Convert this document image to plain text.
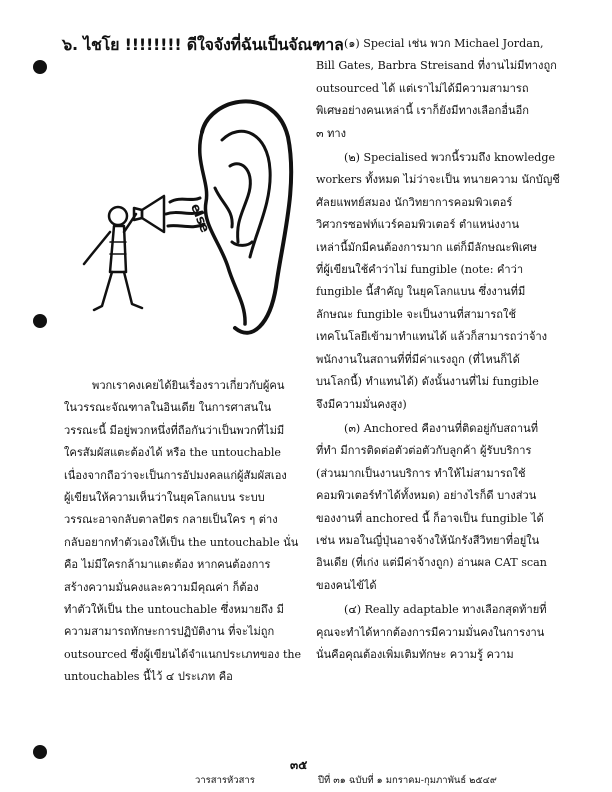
๖. ไชโย !!!!!!!! ดีใจจังที่ฉันเป็นจัณฑาล
else

พวกเราคงเคยได้ยินเรื่องราวเกี่ยวกับผู้คน
ในวรรณะจัณฑาลในอินเดีย ในการศาสนใน
วรรณะนี้ มีอยู่พวกหนึ่งที่ถือกันว่าเป็นพวกที่ไม่มี
ใครสัมผัสแตะต้องได้ หรือ the untouchable
เนื่องจากถือว่าจะเป็นการอัปมงคลแก่ผู้สัมผัสเอง
ผู้เขียนให้ความเห็นว่าในยุคโลกแบน ระบบ
วรรณะอาจกลับตาลปัตร กลายเป็นใคร ๆ ต่าง
กลับอยากทำตัวเองให้เป็น the untouchable นั่น
คือ ไม่มีใครกล้ามาแตะต้อง หากคนต้องการ
สร้างความมั่นคงและความมีคุณค่า ก็ต้อง
ทำตัวให้เป็น the untouchable ซึ่งหมายถึง มี
ความสามารถทักษะการปฏิบัติงาน ที่จะไม่ถูก
outsourced ซึ่งผู้เขียนได้จำแนกประเภทของ the
untouchables นี้ไว้ ๔ ประเภท คือ

(๑) Special เช่น พวก Michael Jordan,
Bill Gates, Barbra Streisand ที่งานไม่มีทางถูก
outsourced ได้ แต่เราไม่ได้มีความสามารถ
พิเศษอย่างคนเหล่านี้ เราก็ยังมีทางเลือกอื่นอีก
๓ ทาง

(๒) Specialised พวกนี้รวมถึง knowledge
workers ทั้งหมด ไม่ว่าจะเป็น ทนายความ นักบัญชี
ศัลยแพทย์สมอง นักวิทยาการคอมพิวเตอร์
วิศวกรซอฟท์แวร์คอมพิวเตอร์ ตำแหน่งงาน
เหล่านี้มักมีคนต้องการมาก แต่ก็มีลักษณะพิเศษ
ที่ผู้เขียนใช้คำว่าไม่ fungible (note: คำว่า
fungible นี้สำคัญ ในยุคโลกแบน ซึ่งงานที่มี
ลักษณะ fungible จะเป็นงานที่สามารถใช้
เทคโนโลยีเข้ามาทำแทนได้ แล้วก็สามารถว่าจ้าง
พนักงานในสถานที่ที่มีค่าแรงถูก (ที่ไหนก็ได้
บนโลกนี้) ทำแทนได้) ดังนั้นงานที่ไม่ fungible
จึงมีความมั่นคงสูง)

(๓) Anchored คืองานที่ติดอยู่กับสถานที่
ที่ทำ มีการติดต่อตัวต่อตัวกับลูกค้า ผู้รับบริการ
(ส่วนมากเป็นงานบริการ ทำให้ไม่สามารถใช้
คอมพิวเตอร์ทำได้ทั้งหมด) อย่างไรก็ดี บางส่วน
ของงานที่ anchored นี้ ก็อาจเป็น fungible ได้
เช่น หมอในญี่ปุ่นอาจจ้างให้นักรังสีวิทยาที่อยู่ใน
อินเดีย (ที่เก่ง แต่มีค่าจ้างถูก) อ่านผล CAT scan
ของคนไข้ได้

(๔) Really adaptable ทางเลือกสุดท้ายที่
คุณจะทำได้หากต้องการมีความมั่นคงในการงาน
นั่นคือคุณต้องเพิ่มเติมทักษะ ความรู้ ความ

๓๕
วารสารหัวสาร	ปีที่ ๓๑ ฉบับที่ ๑ มกราคม-กุมภาพันธ์ ๒๕๔๙
